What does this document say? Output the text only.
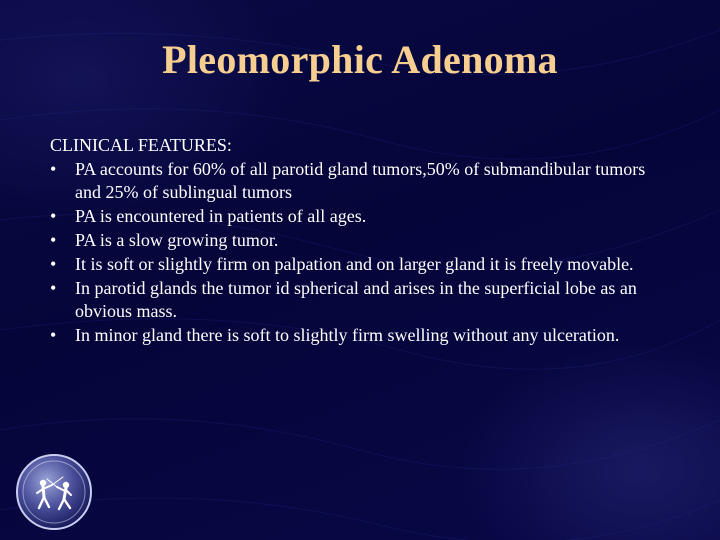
Pleomorphic Adenoma

CLINICAL FEATURES:

•	PA accounts for 60% of all parotid gland tumors,50% of submandibular tumors and 25% of sublingual tumors
•	PA is encountered in patients of all ages.
•	PA is a slow growing tumor.
•	It is soft or slightly firm on palpation and on larger gland it is freely movable.
•	In parotid glands the tumor id spherical and arises in the superficial lobe as an obvious mass.
•	In minor gland there is soft to slightly firm swelling without any ulceration.
